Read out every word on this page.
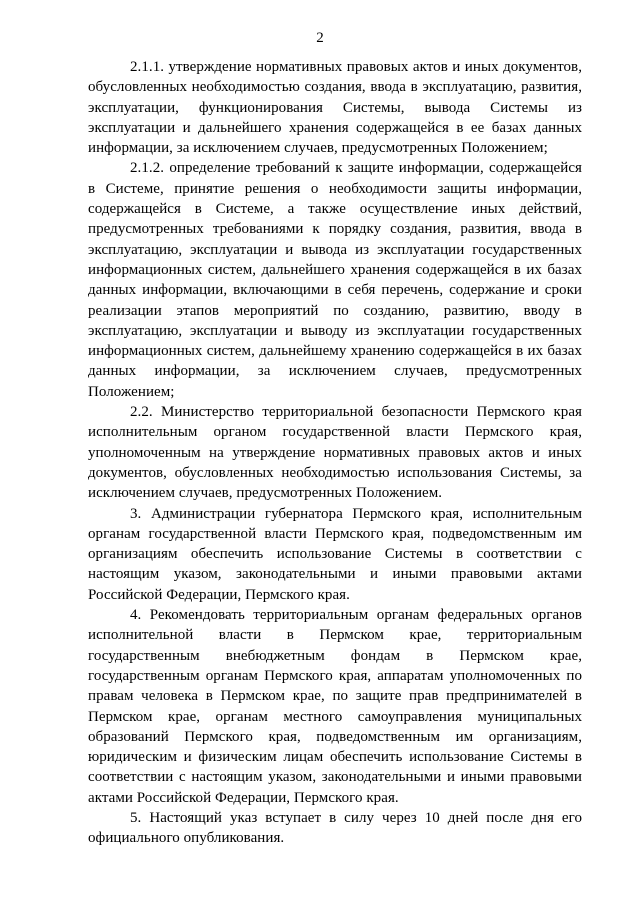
2

2.1.1. утверждение нормативных правовых актов и иных документов, обусловленных необходимостью создания, ввода в эксплуатацию, развития, эксплуатации, функционирования Системы, вывода Системы из эксплуатации и дальнейшего хранения содержащейся в ее базах данных информации, за исключением случаев, предусмотренных Положением;

2.1.2. определение требований к защите информации, содержащейся в Системе, принятие решения о необходимости защиты информации, содержащейся в Системе, а также осуществление иных действий, предусмотренных требованиями к порядку создания, развития, ввода в эксплуатацию, эксплуатации и вывода из эксплуатации государственных информационных систем, дальнейшего хранения содержащейся в их базах данных информации, включающими в себя перечень, содержание и сроки реализации этапов мероприятий по созданию, развитию, вводу в эксплуатацию, эксплуатации и выводу из эксплуатации государственных информационных систем, дальнейшему хранению содержащейся в их базах данных информации, за исключением случаев, предусмотренных Положением;

2.2. Министерство территориальной безопасности Пермского края исполнительным органом государственной власти Пермского края, уполномоченным на утверждение нормативных правовых актов и иных документов, обусловленных необходимостью использования Системы, за исключением случаев, предусмотренных Положением.

3. Администрации губернатора Пермского края, исполнительным органам государственной власти Пермского края, подведомственным им организациям обеспечить использование Системы в соответствии с настоящим указом, законодательными и иными правовыми актами Российской Федерации, Пермского края.

4. Рекомендовать территориальным органам федеральных органов исполнительной власти в Пермском крае, территориальным государственным внебюджетным фондам в Пермском крае, государственным органам Пермского края, аппаратам уполномоченных по правам человека в Пермском крае, по защите прав предпринимателей в Пермском крае, органам местного самоуправления муниципальных образований Пермского края, подведомственным им организациям, юридическим и физическим лицам обеспечить использование Системы в соответствии с настоящим указом, законодательными и иными правовыми актами Российской Федерации, Пермского края.

5. Настоящий указ вступает в силу через 10 дней после дня его официального опубликования.
